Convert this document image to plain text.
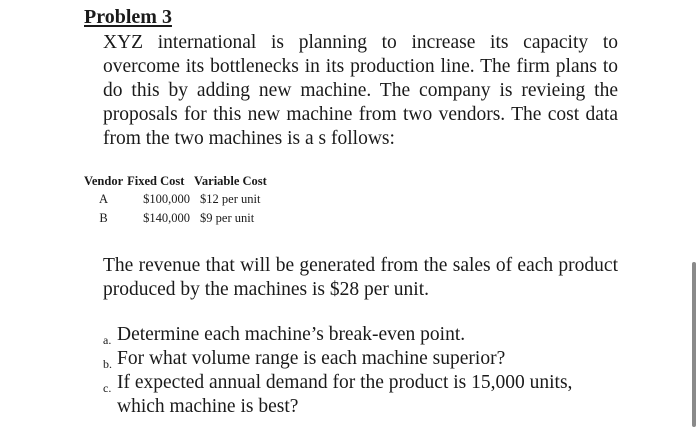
Problem 3

XYZ international is planning to increase its capacity to overcome its bottlenecks in its production line. The firm plans to do this by adding new machine. The company is revieing the proposals for this new machine from two vendors. The cost data from the two machines is a s follows:

Vendor	Fixed Cost	Variable Cost
A	$100,000	$12 per unit
B	$140,000	$9 per unit

The revenue that will be generated from the sales of each product produced by the machines is $28 per unit.

a. Determine each machine’s break-even point.
b. For what volume range is each machine superior?
c. If expected annual demand for the product is 15,000 units, which machine is best?
